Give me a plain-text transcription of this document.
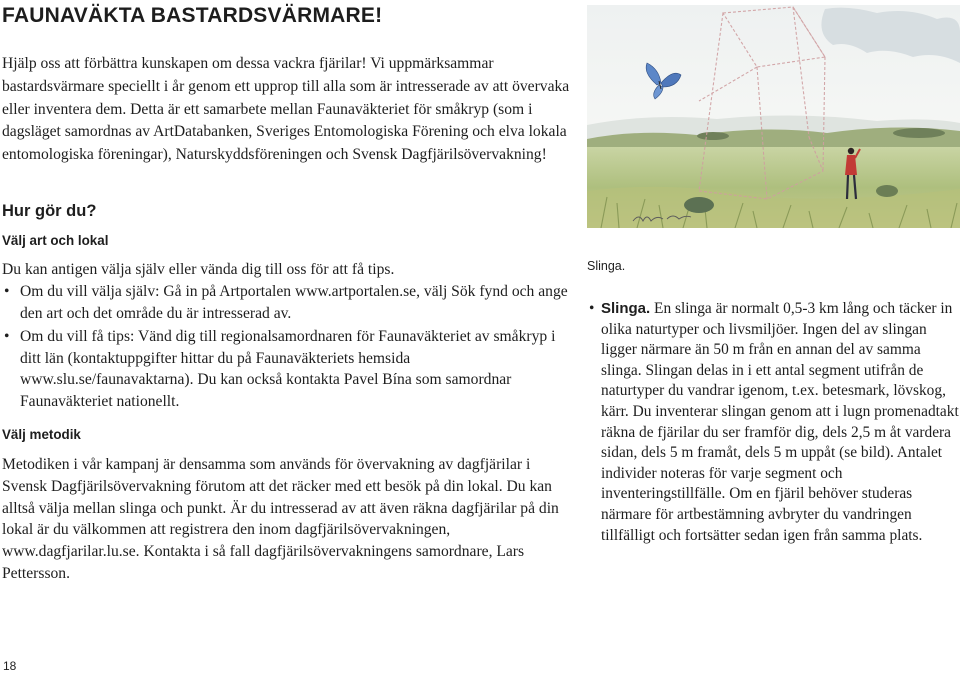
FAUNAVÄKTA BASTARDSVÄRMARE!

Hjälp oss att förbättra kunskapen om dessa vackra fjärilar! Vi uppmärksammar bastardsvärmare speciellt i år genom ett upprop till alla som är intresserade av att övervaka eller inventera dem. Detta är ett samarbete mellan Faunaväkteriet för småkryp (som i dagsläget samordnas av ArtDatabanken, Sveriges Entomologiska Förening och elva lokala entomologiska föreningar), Naturskyddsföreningen och Svensk Dagfjärilsövervakning!

Hur gör du?
Välj art och lokal

Du kan antigen välja själv eller vända dig till oss för att få tips.

• Om du vill välja själv: Gå in på Artportalen www.artportalen.se, välj Sök fynd och ange den art och det område du är intresserad av.
• Om du vill få tips: Vänd dig till regionalsamordnaren för Faunaväkteriet av småkryp i ditt län (kontaktuppgifter hittar du på Faunaväkteriets hemsida www.slu.se/faunavaktarna). Du kan också kontakta Pavel Bína som samordnar Faunaväkteriet nationellt.
Välj metodik

Metodiken i vår kampanj är densamma som används för övervakning av dagfjärilar i Svensk Dagfjärilsövervakning förutom att det räcker med ett besök på din lokal. Du kan alltså välja mellan slinga och punkt. Är du intresserad av att även räkna dagfjärilar på din lokal är du välkommen att registrera den inom dagfjärilsövervakningen, www.dagfjarilar.lu.se. Kontakta i så fall dagfjärilsövervakningens samordnare, Lars Pettersson.

Slinga.

• Slinga. En slinga är normalt 0,5-3 km lång och täcker in olika naturtyper och livsmiljöer. Ingen del av slingan ligger närmare än 50 m från en annan del av samma slinga. Slingan delas in i ett antal segment utifrån de naturtyper du vandrar igenom, t.ex. betesmark, lövskog, kärr. Du inventerar slingan genom att i lugn promenadtakt räkna de fjärilar du ser framför dig, dels 2,5 m åt vardera sidan, dels 5 m framåt, dels 5 m uppåt (se bild). Antalet individer noteras för varje segment och inventeringstillfälle. Om en fjäril behöver studeras närmare för artbestämning avbryter du vandringen tillfälligt och fortsätter sedan igen från samma plats.

18
